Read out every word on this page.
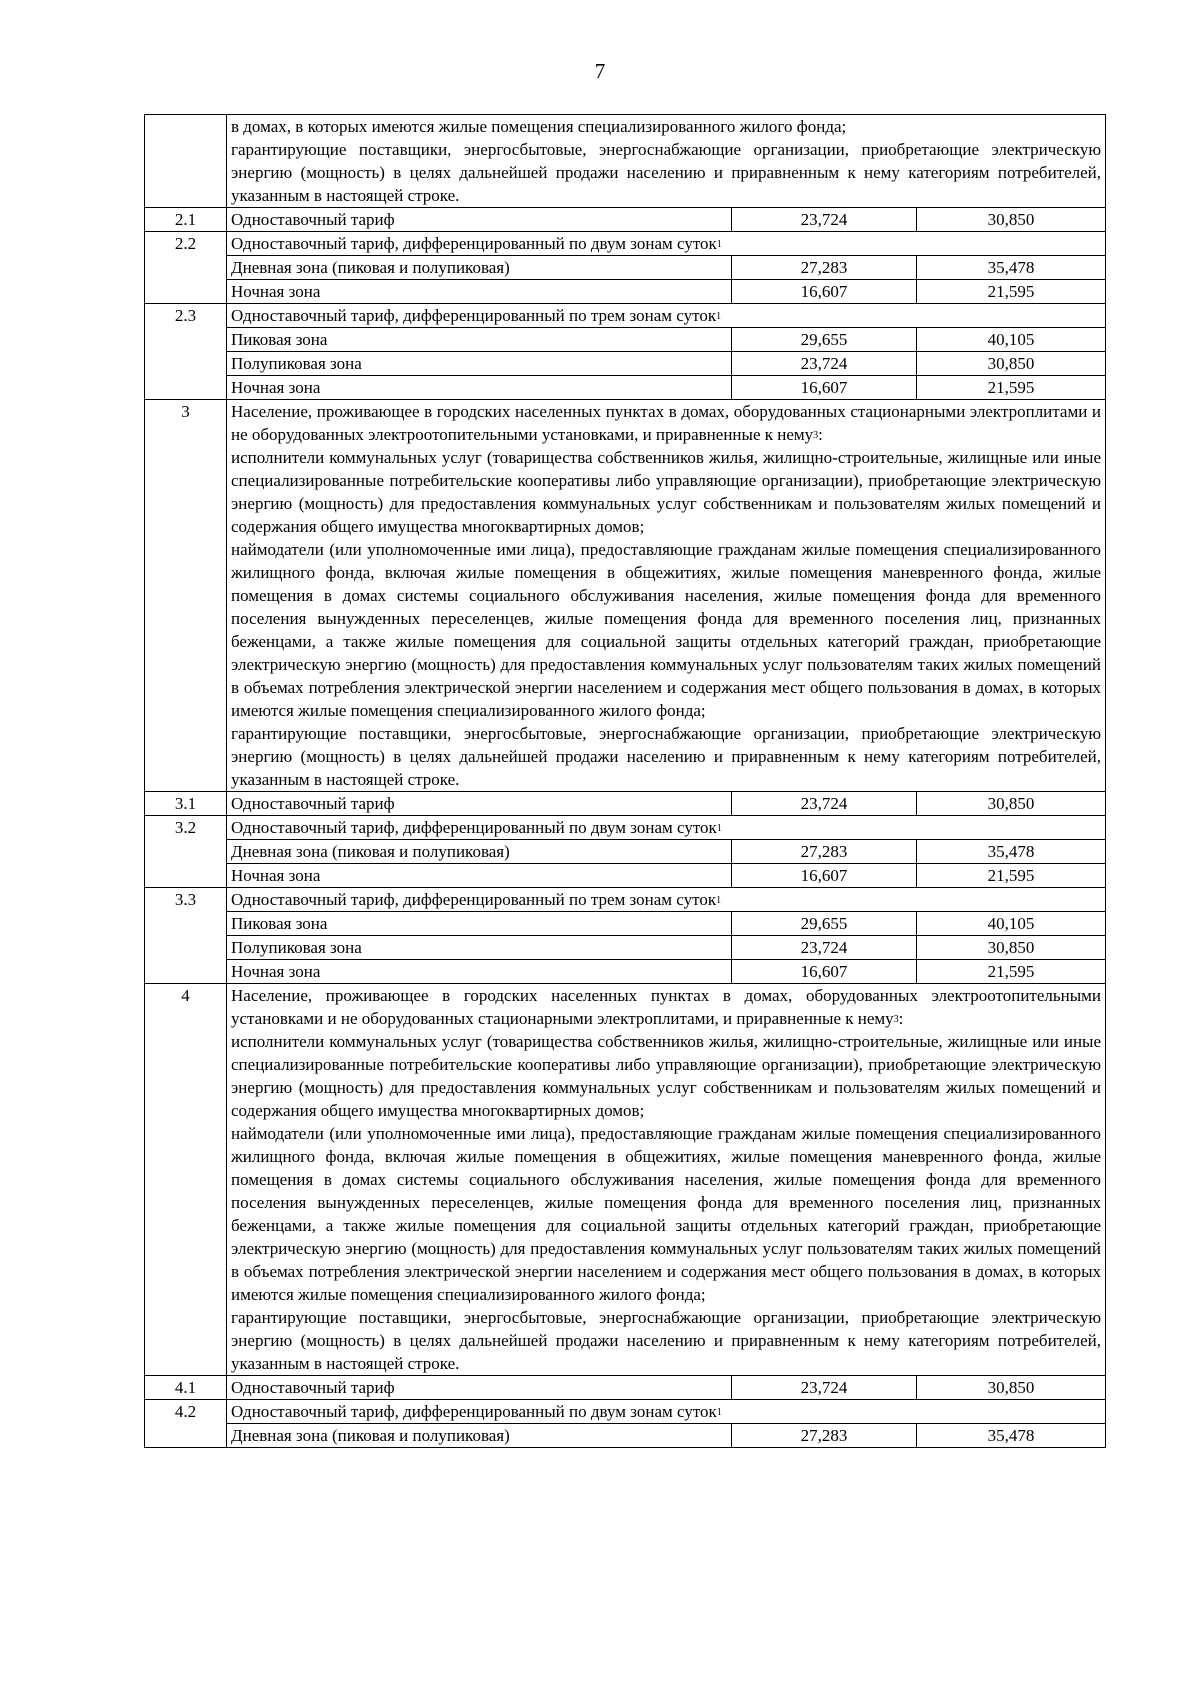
7

	в домах, в которых имеются жилые помещения специализированного жилого фонда;
гарантирующие поставщики, энергосбытовые, энергоснабжающие организации, приобретающие электрическую энергию (мощность) в целях дальнейшей продажи населению и приравненным к нему категориям потребителей, указанным в настоящей строке.		

2.1	Одноставочный тариф	23,724	30,850
2.2	Одноставочный тариф, дифференцированный по двум зонам суток$^1$
	Дневная зона (пиковая и полупиковая)	27,283	35,478
	Ночная зона	16,607	21,595
2.3	Одноставочный тариф, дифференцированный по трем зонам суток$^1$
	Пиковая зона	29,655	40,105
	Полупиковая зона	23,724	30,850
	Ночная зона	16,607	21,595
3	Население, проживающее в городских населенных пунктах в домах, оборудованных стационарными электроплитами и не оборудованных электроотопительными установками, и приравненные к нему$^3$:
исполнители коммунальных услуг (товарищества собственников жилья, жилищно-строительные, жилищные или иные специализированные потребительские кооперативы либо управляющие организации), приобретающие электрическую энергию (мощность) для предоставления коммунальных услуг собственникам и пользователям жилых помещений и содержания общего имущества многоквартирных домов;
наймодатели (или уполномоченные ими лица), предоставляющие гражданам жилые помещения специализированного жилищного фонда, включая жилые помещения в общежитиях, жилые помещения маневренного фонда, жилые помещения в домах системы социального обслуживания населения, жилые помещения фонда для временного поселения вынужденных переселенцев, жилые помещения фонда для временного поселения лиц, признанных беженцами, а также жилые помещения для социальной защиты отдельных категорий граждан, приобретающие электрическую энергию (мощность) для предоставления коммунальных услуг пользователям таких жилых помещений в объемах потребления электрической энергии населением и содержания мест общего пользования в домах, в которых имеются жилые помещения специализированного жилого фонда;
гарантирующие поставщики, энергосбытовые, энергоснабжающие организации, приобретающие электрическую энергию (мощность) в целях дальнейшей продажи населению и приравненным к нему категориям потребителей, указанным в настоящей строке.		

3.1	Одноставочный тариф	23,724	30,850
3.2	Одноставочный тариф, дифференцированный по двум зонам суток$^1$
	Дневная зона (пиковая и полупиковая)	27,283	35,478
	Ночная зона	16,607	21,595
3.3	Одноставочный тариф, дифференцированный по трем зонам суток$^1$
	Пиковая зона	29,655	40,105
	Полупиковая зона	23,724	30,850
	Ночная зона	16,607	21,595
4	Население, проживающее в городских населенных пунктах в домах, оборудованных электроотопительными установками и не оборудованных стационарными электроплитами, и приравненные к нему$^3$:
исполнители коммунальных услуг (товарищества собственников жилья, жилищно-строительные, жилищные или иные специализированные потребительские кооперативы либо управляющие организации), приобретающие электрическую энергию (мощность) для предоставления коммунальных услуг собственникам и пользователям жилых помещений и содержания общего имущества многоквартирных домов;
наймодатели (или уполномоченные ими лица), предоставляющие гражданам жилые помещения специализированного жилищного фонда, включая жилые помещения в общежитиях, жилые помещения маневренного фонда, жилые помещения в домах системы социального обслуживания населения, жилые помещения фонда для временного поселения вынужденных переселенцев, жилые помещения фонда для временного поселения лиц, признанных беженцами, а также жилые помещения для социальной защиты отдельных категорий граждан, приобретающие электрическую энергию (мощность) для предоставления коммунальных услуг пользователям таких жилых помещений в объемах потребления электрической энергии населением и содержания мест общего пользования в домах, в которых имеются жилые помещения специализированного жилого фонда;
гарантирующие поставщики, энергосбытовые, энергоснабжающие организации, приобретающие электрическую энергию (мощность) в целях дальнейшей продажи населению и приравненным к нему категориям потребителей, указанным в настоящей строке.		

4.1	Одноставочный тариф	23,724	30,850
4.2	Одноставочный тариф, дифференцированный по двум зонам суток$^1$
	Дневная зона (пиковая и полупиковая)	27,283	35,478
